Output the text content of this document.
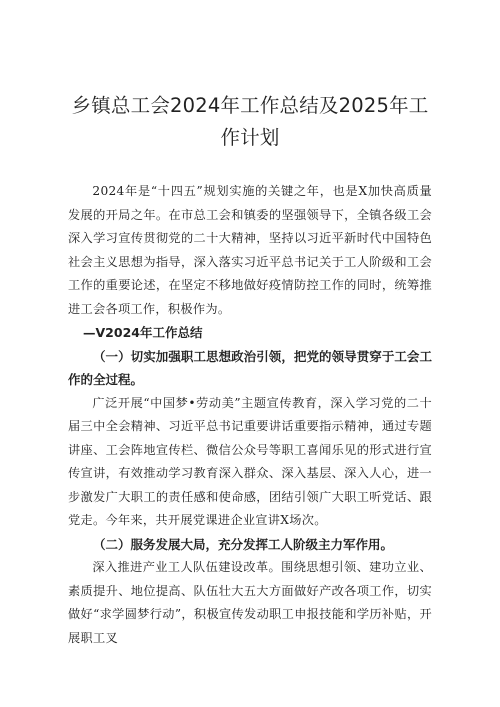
乡镇总工会2024年工作总结及2025年工作计划

2024年是“十四五”规划实施的关键之年，也是X加快高质量发展的开局之年。在市总工会和镇委的坚强领导下，全镇各级工会深入学习宣传贯彻党的二十大精神，坚持以习近平新时代中国特色社会主义思想为指导，深入落实习近平总书记关于工人阶级和工会工作的重要论述，在坚定不移地做好疫情防控工作的同时，统筹推进工会各项工作，积极作为。

—V2024年工作总结

（一）切实加强职工思想政治引领，把党的领导贯穿于工会工作的全过程。

广泛开展“中国梦•劳动美”主题宣传教育，深入学习党的二十届三中全会精神、习近平总书记重要讲话重要指示精神，通过专题讲座、工会阵地宣传栏、微信公众号等职工喜闻乐见的形式进行宣传宣讲，有效推动学习教育深入群众、深入基层、深入人心，进一步激发广大职工的责任感和使命感，团结引领广大职工听党话、跟党走。今年来，共开展党课进企业宣讲X场次。

（二）服务发展大局，充分发挥工人阶级主力军作用。

深入推进产业工人队伍建设改革。围绕思想引领、建功立业、素质提升、地位提高、队伍壮大五大方面做好产改各项工作，切实做好“求学圆梦行动”，积极宣传发动职工申报技能和学历补贴，开展职工叉
